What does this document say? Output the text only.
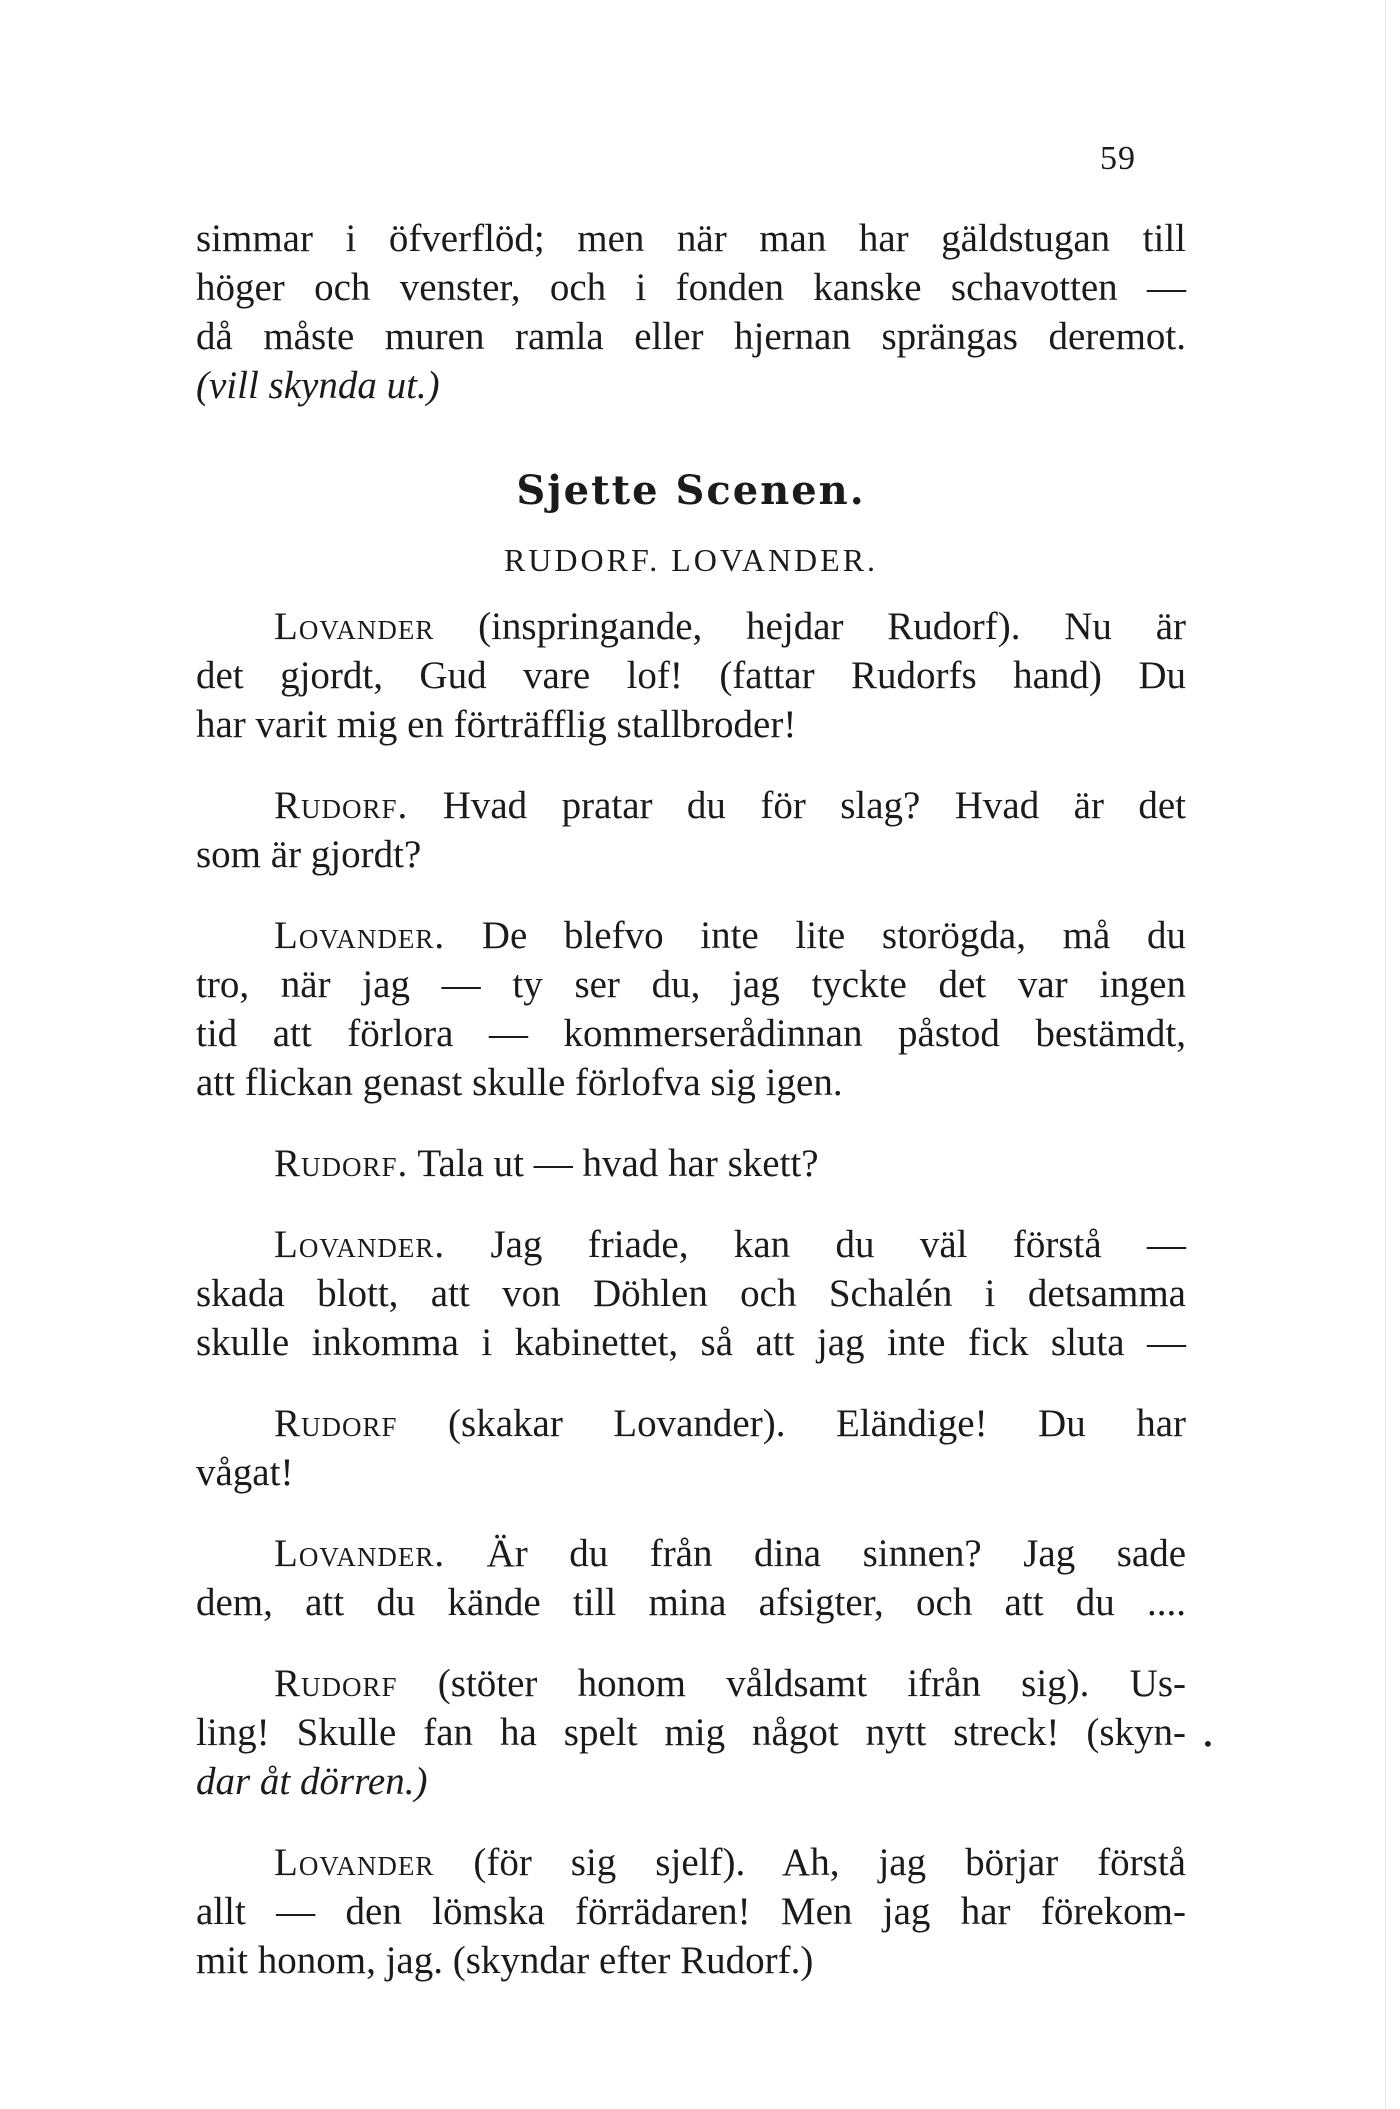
59
simmar i öfverflöd; men när man har gäldstugan till
höger och venster, och i fonden kanske schavotten —
då måste muren ramla eller hjernan sprängas deremot.
(vill skynda ut.)
Sjette Scenen.
RUDORF. LOVANDER.
Lovander (inspringande, hejdar Rudorf). Nu är
det gjordt, Gud vare lof! (fattar Rudorfs hand) Du
har varit mig en förträfflig stallbroder!
Rudorf. Hvad pratar du för slag? Hvad är det
som är gjordt?
Lovander. De blefvo inte lite storögda, må du
tro, när jag — ty ser du, jag tyckte det var ingen
tid att förlora — kommerserådinnan påstod bestämdt,
att flickan genast skulle förlofva sig igen.
Rudorf. Tala ut — hvad har skett?
Lovander. Jag friade, kan du väl förstå —
skada blott, att von Döhlen och Schalén i detsamma
skulle inkomma i kabinettet, så att jag inte fick sluta —
Rudorf (skakar Lovander). Eländige! Du har
vågat!
Lovander. Är du från dina sinnen? Jag sade
dem, att du kände till mina afsigter, och att du ....
Rudorf (stöter honom våldsamt ifrån sig). Us-
ling! Skulle fan ha spelt mig något nytt streck! (skyn-
dar åt dörren.)
Lovander (för sig sjelf). Ah, jag börjar förstå
allt — den lömska förrädaren! Men jag har förekom-
mit honom, jag. (skyndar efter Rudorf.)
•
